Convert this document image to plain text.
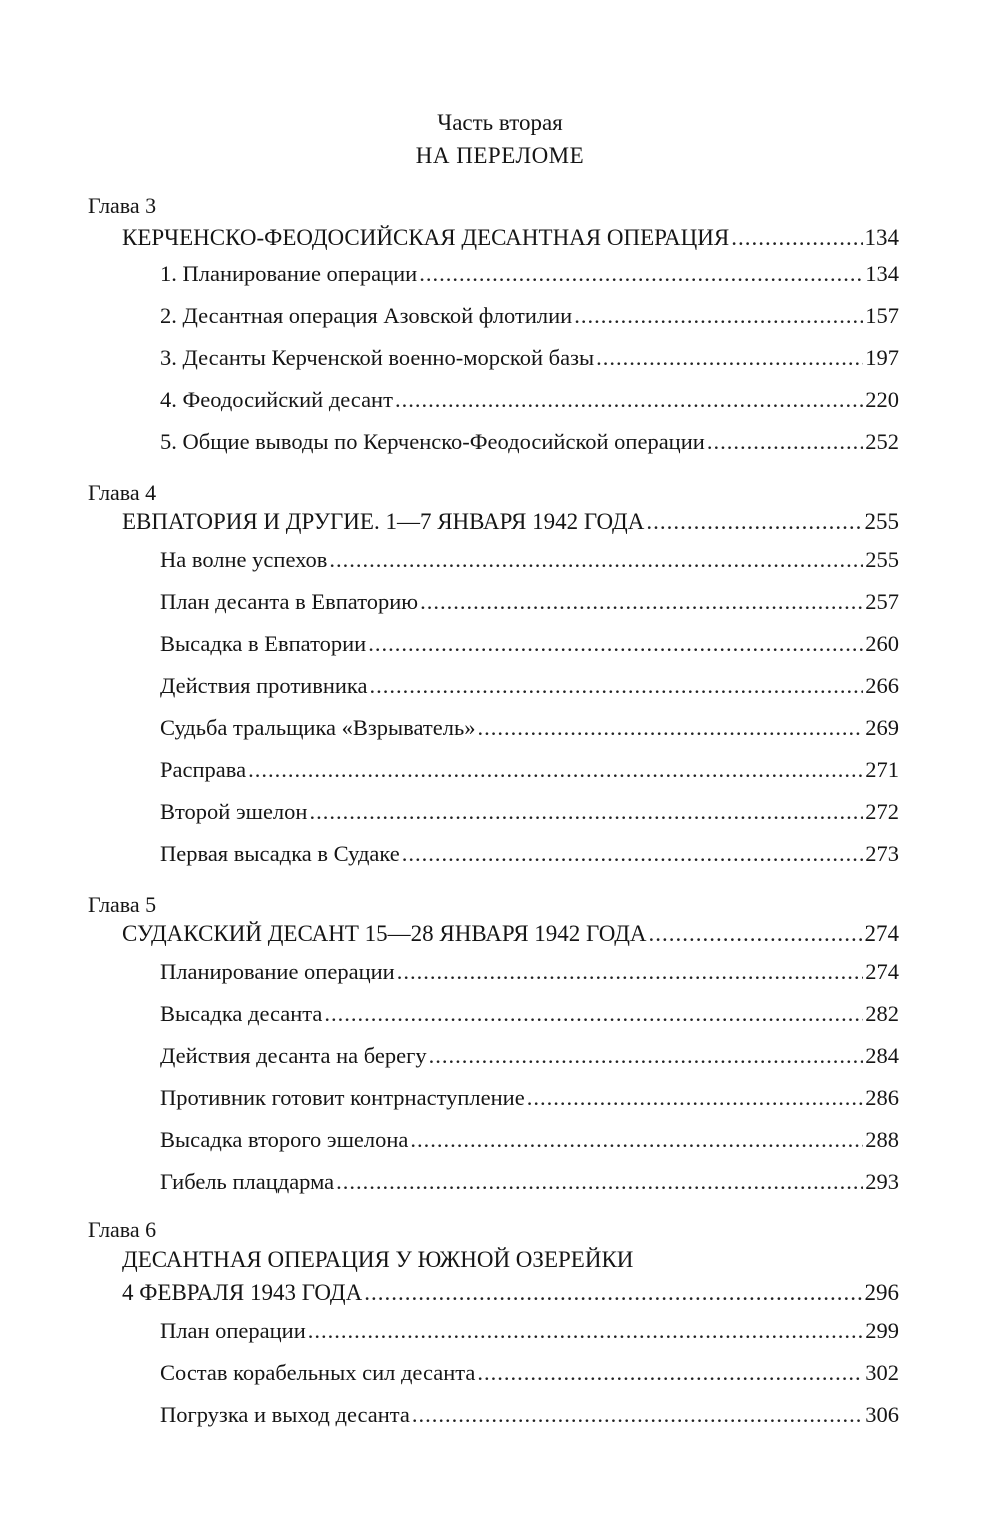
Часть вторая
НА ПЕРЕЛОМЕ
Глава 3
КЕРЧЕНСКО-ФЕОДОСИЙСКАЯ ДЕСАНТНАЯ ОПЕРАЦИЯ .....	134
1. Планирование операции .....	134
2. Десантная операция Азовской флотилии .....	157
3. Десанты Керченской военно-морской базы .....	197
4. Феодосийский десант .....	220
5. Общие выводы по Керченско-Феодосийской операции .....	252
Глава 4
ЕВПАТОРИЯ И ДРУГИЕ. 1—7 ЯНВАРЯ 1942 ГОДА .....	255
На волне успехов .....	255
План десанта в Евпаторию .....	257
Высадка в Евпатории .....	260
Действия противника .....	266
Судьба тральщика «Взрыватель» .....	269
Расправа .....	271
Второй эшелон .....	272
Первая высадка в Судаке .....	273
Глава 5
СУДАКСКИЙ ДЕСАНТ 15—28 ЯНВАРЯ 1942 ГОДА .....	274
Планирование операции .....	274
Высадка десанта .....	282
Действия десанта на берегу .....	284
Противник готовит контрнаступление .....	286
Высадка второго эшелона .....	288
Гибель плацдарма .....	293
Глава 6
ДЕСАНТНАЯ ОПЕРАЦИЯ У ЮЖНОЙ ОЗЕРЕЙКИ
4 ФЕВРАЛЯ 1943 ГОДА .....	296
План операции .....	299
Состав корабельных сил десанта .....	302
Погрузка и выход десанта .....	306
